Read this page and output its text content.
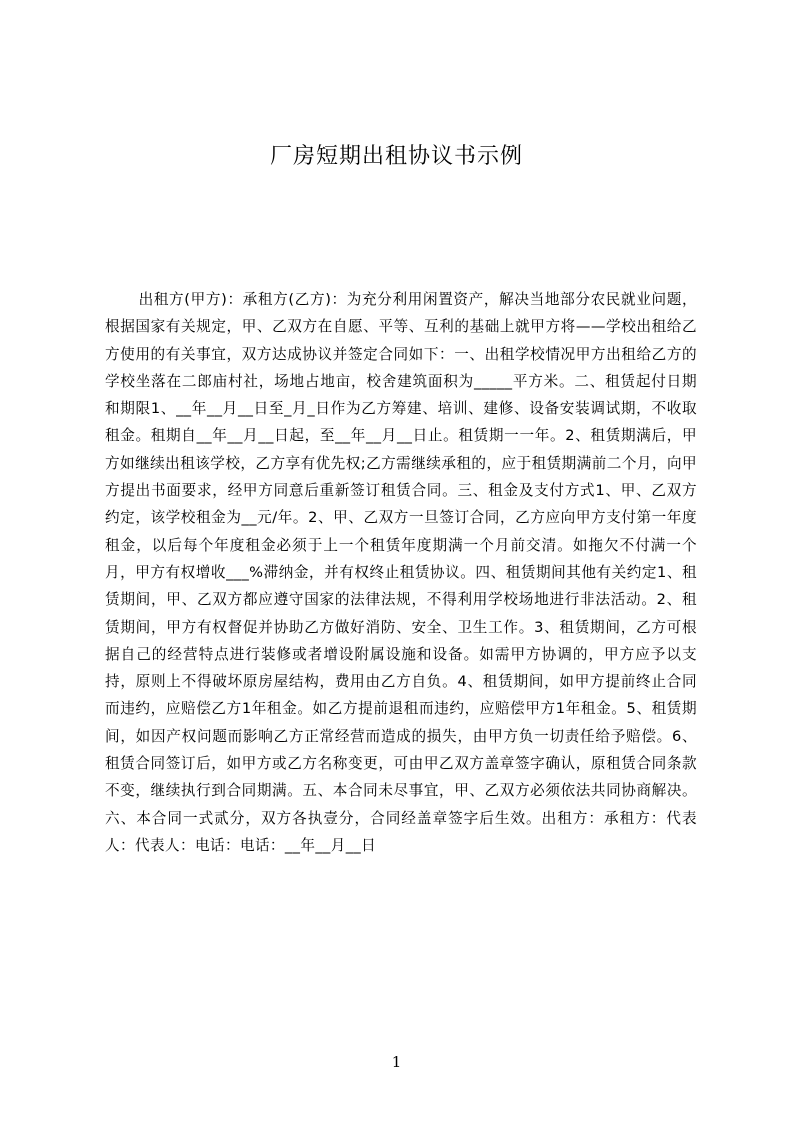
厂房短期出租协议书示例

出租方(甲方)：承租方(乙方)：为充分利用闲置资产，解决当地部分农民就业问题，根据国家有关规定，甲、乙双方在自愿、平等、互利的基础上就甲方将——学校出租给乙方使用的有关事宜，双方达成协议并签定合同如下：一、出租学校情况甲方出租给乙方的学校坐落在二郎庙村社，场地占地亩，校舍建筑面积为_____平方米。二、租赁起付日期和期限1、__年__月__日至_月_日作为乙方筹建、培训、建修、设备安装调试期，不收取租金。租期自__年__月__日起，至__年__月__日止。租赁期一一年。2、租赁期满后，甲方如继续出租该学校，乙方享有优先权;乙方需继续承租的，应于租赁期满前二个月，向甲方提出书面要求，经甲方同意后重新签订租赁合同。三、租金及支付方式1、甲、乙双方约定，该学校租金为__元/年。2、甲、乙双方一旦签订合同，乙方应向甲方支付第一年度租金，以后每个年度租金必须于上一个租赁年度期满一个月前交清。如拖欠不付满一个月，甲方有权增收___%滞纳金，并有权终止租赁协议。四、租赁期间其他有关约定1、租赁期间，甲、乙双方都应遵守国家的法律法规，不得利用学校场地进行非法活动。2、租赁期间，甲方有权督促并协助乙方做好消防、安全、卫生工作。3、租赁期间，乙方可根据自己的经营特点进行装修或者增设附属设施和设备。如需甲方协调的，甲方应予以支持，原则上不得破坏原房屋结构，费用由乙方自负。4、租赁期间，如甲方提前终止合同而违约，应赔偿乙方1年租金。如乙方提前退租而违约，应赔偿甲方1年租金。5、租赁期间，如因产权问题而影响乙方正常经营而造成的损失，由甲方负一切责任给予赔偿。6、租赁合同签订后，如甲方或乙方名称变更，可由甲乙双方盖章签字确认，原租赁合同条款不变，继续执行到合同期满。五、本合同未尽事宜，甲、乙双方必须依法共同协商解决。六、本合同一式贰分，双方各执壹分，合同经盖章签字后生效。出租方：承租方：代表人：代表人：电话：电话：__年__月__日

1
